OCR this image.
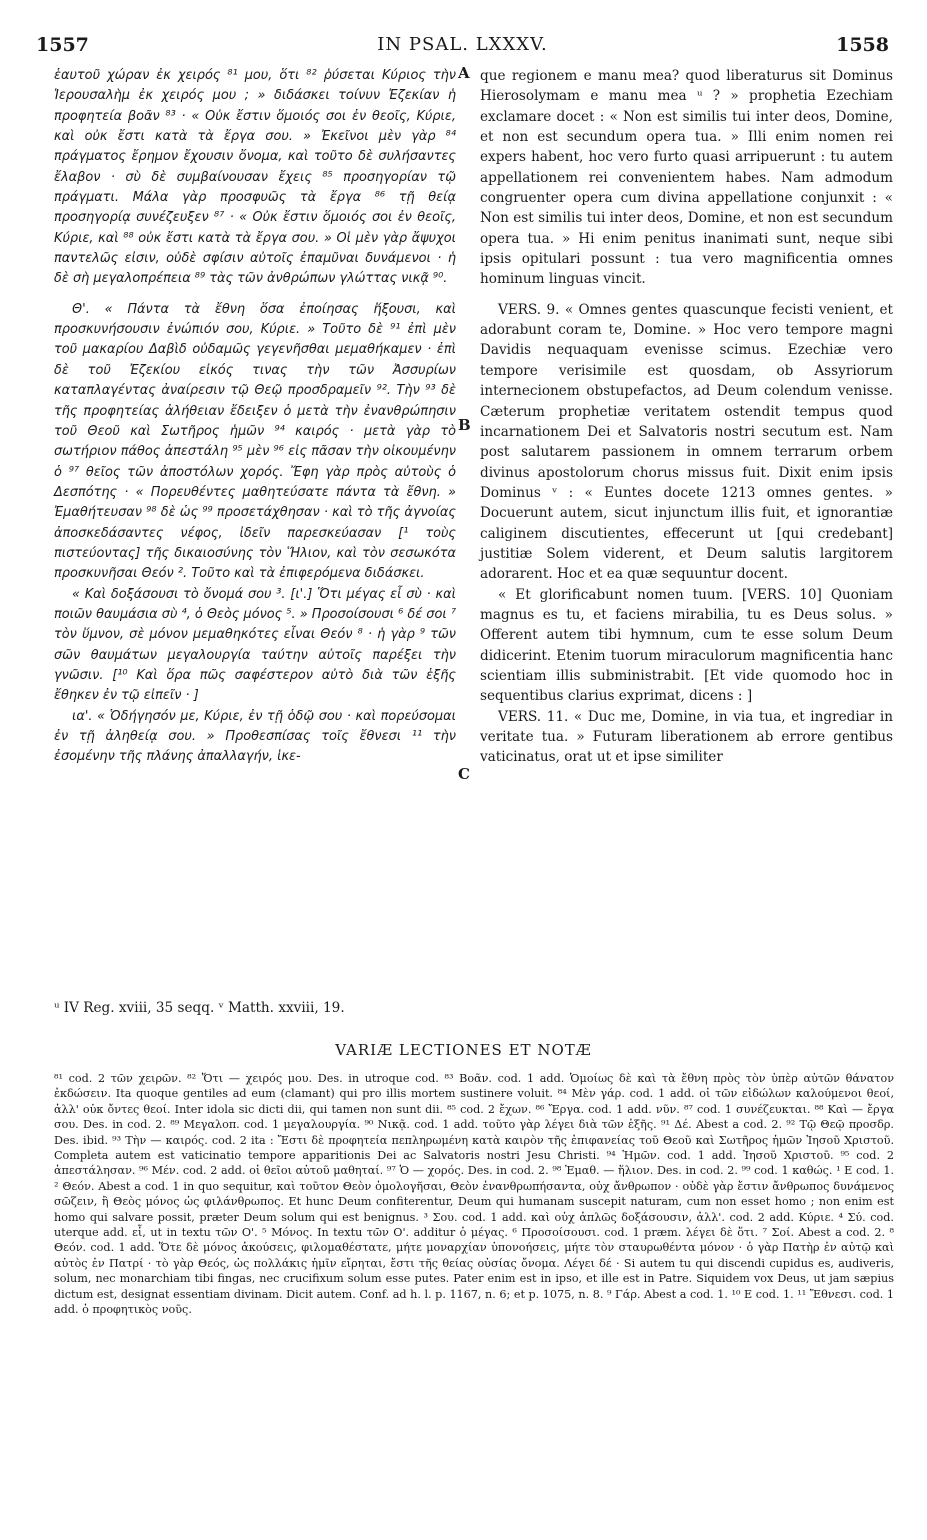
1557	IN PSAL. LXXXV.	1558

ἑαυτοῦ χώραν ἐκ χειρός ⁸¹ μου, ὅτι ⁸² ῥύσεται Κύριος τὴν Ἱερουσαλὴμ ἐκ χειρός μου ; » διδάσκει τοίνυν Ἐζεκίαν ἡ προφητεία βοᾶν ⁸³ · « Οὐκ ἔστιν ὅμοιός σοι ἐν θεοῖς, Κύριε, καὶ οὐκ ἔστι κατὰ τὰ ἔργα σου. » Ἐκεῖνοι μὲν γὰρ ⁸⁴ πράγματος ἔρημον ἔχουσιν ὄνομα, καὶ τοῦτο δὲ συλήσαντες ἔλαβον · σὺ δὲ συμβαίνουσαν ἔχεις ⁸⁵ προσηγορίαν τῷ πράγματι. Μάλα γὰρ προσφυῶς τὰ ἔργα ⁸⁶ τῇ θείᾳ προσηγορίᾳ συνέζευξεν ⁸⁷ · « Οὐκ ἔστιν ὅμοιός σοι ἐν θεοῖς, Κύριε, καὶ ⁸⁸ οὐκ ἔστι κατὰ τὰ ἔργα σου. » Οἱ μὲν γὰρ ἄψυχοι παντελῶς εἰσιν, οὐδὲ σφίσιν αὐτοῖς ἐπαμῦναι δυνάμενοι · ἡ δὲ σὴ μεγαλοπρέπεια ⁸⁹ τὰς τῶν ἀνθρώπων γλώττας νικᾷ ⁹⁰.

Θ'. « Πάντα τὰ ἔθνη ὅσα ἐποίησας ἥξουσι, καὶ προσκυνήσουσιν ἐνώπιόν σου, Κύριε. » Τοῦτο δὲ ⁹¹ ἐπὶ μὲν τοῦ μακαρίου Δαβὶδ οὐδαμῶς γεγενῆσθαι μεμαθήκαμεν · ἐπὶ δὲ τοῦ Ἐζεκίου εἰκός τινας τὴν τῶν Ἀσσυρίων καταπλαγέντας ἀναίρεσιν τῷ Θεῷ προσδραμεῖν ⁹². Τὴν ⁹³ δὲ τῆς προφητείας ἀλήθειαν ἔδειξεν ὁ μετὰ τὴν ἐνανθρώπησιν τοῦ Θεοῦ καὶ Σωτῆρος ἡμῶν ⁹⁴ καιρός · μετὰ γὰρ τὸ σωτήριον πάθος ἀπεστάλη ⁹⁵ μὲν ⁹⁶ εἰς πᾶσαν τὴν οἰκουμένην ὁ ⁹⁷ θεῖος τῶν ἀποστόλων χορός. Ἔφη γὰρ πρὸς αὐτοὺς ὁ Δεσπότης · « Πορευθέντες μαθητεύσατε πάντα τὰ ἔθνη. » Ἐμαθήτευσαν ⁹⁸ δὲ ὡς ⁹⁹ προσετάχθησαν · καὶ τὸ τῆς ἀγνοίας ἀποσκεδάσαντες νέφος, ἰδεῖν παρεσκεύασαν [¹ τοὺς πιστεύοντας] τῆς δικαιοσύνης τὸν Ἥλιον, καὶ τὸν σεσωκότα προσκυνῆσαι Θεόν ². Τοῦτο καὶ τὰ ἐπιφερόμενα διδάσκει.

« Καὶ δοξάσουσι τὸ ὄνομά σου ³. [ι'.] Ὅτι μέγας εἶ σὺ · καὶ ποιῶν θαυμάσια σὺ ⁴, ὁ Θεὸς μόνος ⁵. » Προσοίσουσι ⁶ δέ σοι ⁷ τὸν ὕμνον, σὲ μόνον μεμαθηκότες εἶναι Θεόν ⁸ · ἡ γὰρ ⁹ τῶν σῶν θαυμάτων μεγαλουργία ταύτην αὐτοῖς παρέξει τὴν γνῶσιν. [¹⁰ Καὶ ὅρα πῶς σαφέστερον αὐτὸ διὰ τῶν ἑξῆς ἔθηκεν ἐν τῷ εἰπεῖν · ]

ια'. « Ὁδήγησόν με, Κύριε, ἐν τῇ ὁδῷ σου · καὶ πορεύσομαι ἐν τῇ ἀληθείᾳ σου. » Προθεσπίσας τοῖς ἔθνεσι ¹¹ τὴν ἐσομένην τῆς πλάνης ἀπαλλαγήν, ἱκε-

A
B
C

que regionem e manu mea? quod liberaturus sit Dominus Hierosolymam e manu mea ᵘ ? » prophetia Ezechiam exclamare docet : « Non est similis tui inter deos, Domine, et non est secundum opera tua. » Illi enim nomen rei expers habent, hoc vero furto quasi arripuerunt : tu autem appellationem rei convenientem habes. Nam admodum congruenter opera cum divina appellatione conjunxit : « Non est similis tui inter deos, Domine, et non est secundum opera tua. » Hi enim penitus inanimati sunt, neque sibi ipsis opitulari possunt : tua vero magnificentia omnes hominum linguas vincit.

VERS. 9. « Omnes gentes quascunque fecisti venient, et adorabunt coram te, Domine. » Hoc vero tempore magni Davidis nequaquam evenisse scimus. Ezechiæ vero tempore verisimile est quosdam, ob Assyriorum internecionem obstupefactos, ad Deum colendum venisse. Cæterum prophetiæ veritatem ostendit tempus quod incarnationem Dei et Salvatoris nostri secutum est. Nam post salutarem passionem in omnem terrarum orbem divinus apostolorum chorus missus fuit. Dixit enim ipsis Dominus ᵛ : « Euntes docete 1213 omnes gentes. » Docuerunt autem, sicut injunctum illis fuit, et ignorantiæ caliginem discutientes, effecerunt ut [qui credebant] justitiæ Solem viderent, et Deum salutis largitorem adorarent. Hoc et ea quæ sequuntur docent.

« Et glorificabunt nomen tuum. [VERS. 10] Quoniam magnus es tu, et faciens mirabilia, tu es Deus solus. » Offerent autem tibi hymnum, cum te esse solum Deum didicerint. Etenim tuorum miraculorum magnificentia hanc scientiam illis subministrabit. [Et vide quomodo hoc in sequentibus clarius exprimat, dicens : ]

VERS. 11. « Duc me, Domine, in via tua, et ingrediar in veritate tua. » Futuram liberationem ab errore gentibus vaticinatus, orat ut et ipse similiter

ᵘ IV Reg. xviii, 35 seqq. ᵛ Matth. xxviii, 19.
VARIÆ LECTIONES ET NOTÆ

⁸¹ cod. 2 τῶν χειρῶν. ⁸² Ὅτι — χειρός μου. Des. in utroque cod. ⁸³ Βοᾶν. cod. 1 add. Ὁμοίως δὲ καὶ τὰ ἔθνη πρὸς τὸν ὑπὲρ αὐτῶν θάνατον ἐκδώσειν. Ita quoque gentiles ad eum (clamant) qui pro illis mortem sustinere voluit. ⁸⁴ Μὲν γάρ. cod. 1 add. οἱ τῶν εἰδώλων καλούμενοι θεοί, ἀλλ' οὐκ ὄντες θεοί. Inter idola sic dicti dii, qui tamen non sunt dii. ⁸⁵ cod. 2 ἔχων. ⁸⁶ Ἔργα. cod. 1 add. νῦν. ⁸⁷ cod. 1 συνέζευκται. ⁸⁸ Καὶ — ἔργα σου. Des. in cod. 2. ⁸⁹ Μεγαλοπ. cod. 1 μεγαλουργία. ⁹⁰ Νικᾷ. cod. 1 add. τοῦτο γὰρ λέγει διὰ τῶν ἑξῆς. ⁹¹ Δέ. Abest a cod. 2. ⁹² Τῷ Θεῷ προσδρ. Des. ibid. ⁹³ Τὴν — καιρός. cod. 2 ita : Ἔστι δὲ προφητεία πεπληρωμένη κατὰ καιρὸν τῆς ἐπιφανείας τοῦ Θεοῦ καὶ Σωτῆρος ἡμῶν Ἰησοῦ Χριστοῦ. Completa autem est vaticinatio tempore apparitionis Dei ac Salvatoris nostri Jesu Christi. ⁹⁴ Ἡμῶν. cod. 1 add. Ἰησοῦ Χριστοῦ. ⁹⁵ cod. 2 ἀπεστάλησαν. ⁹⁶ Μέν. cod. 2 add. οἱ θεῖοι αὐτοῦ μαθηταί. ⁹⁷ Ὁ — χορός. Des. in cod. 2. ⁹⁸ Ἐμαθ. — ἥλιον. Des. in cod. 2. ⁹⁹ cod. 1 καθώς. ¹ E cod. 1. ² Θεόν. Abest a cod. 1 in quo sequitur, καὶ τοῦτον Θεὸν ὁμολογῆσαι, Θεὸν ἐνανθρωπήσαντα, οὐχ ἄνθρωπον · οὐδὲ γὰρ ἔστιν ἄνθρωπος δυνάμενος σῶζειν, ἢ Θεὸς μόνος ὡς φιλάνθρωπος. Et hunc Deum confiterentur, Deum qui humanam suscepit naturam, cum non esset homo ; non enim est homo qui salvare possit, præter Deum solum qui est benignus. ³ Σου. cod. 1 add. καὶ οὐχ ἁπλῶς δοξάσουσιν, ἀλλ'. cod. 2 add. Κύριε. ⁴ Σύ. cod. uterque add. εἶ, ut in textu τῶν Ο'. ⁵ Μόνος. In textu τῶν Ο'. additur ὁ μέγας. ⁶ Προσοίσουσι. cod. 1 præm. λέγει δὲ ὅτι. ⁷ Σοί. Abest a cod. 2. ⁸ Θεόν. cod. 1 add. Ὅτε δὲ μόνος ἀκούσεις, φιλομαθέστατε, μήτε μοναρχίαν ὑπονοήσεις, μήτε τὸν σταυρωθέντα μόνον · ὁ γὰρ Πατὴρ ἐν αὐτῷ καὶ αὐτὸς ἐν Πατρί · τὸ γὰρ Θεός, ὡς πολλάκις ἡμῖν εἴρηται, ἔστι τῆς θείας οὐσίας ὄνομα. Λέγει δέ · Si autem tu qui discendi cupidus es, audiveris, solum, nec monarchiam tibi fingas, nec crucifixum solum esse putes. Pater enim est in ipso, et ille est in Patre. Siquidem vox Deus, ut jam sæpius dictum est, designat essentiam divinam. Dicit autem. Conf. ad h. l. p. 1167, n. 6; et p. 1075, n. 8. ⁹ Γάρ. Abest a cod. 1. ¹⁰ E cod. 1. ¹¹ Ἔθνεσι. cod. 1 add. ὁ προφητικὸς νοῦς.
